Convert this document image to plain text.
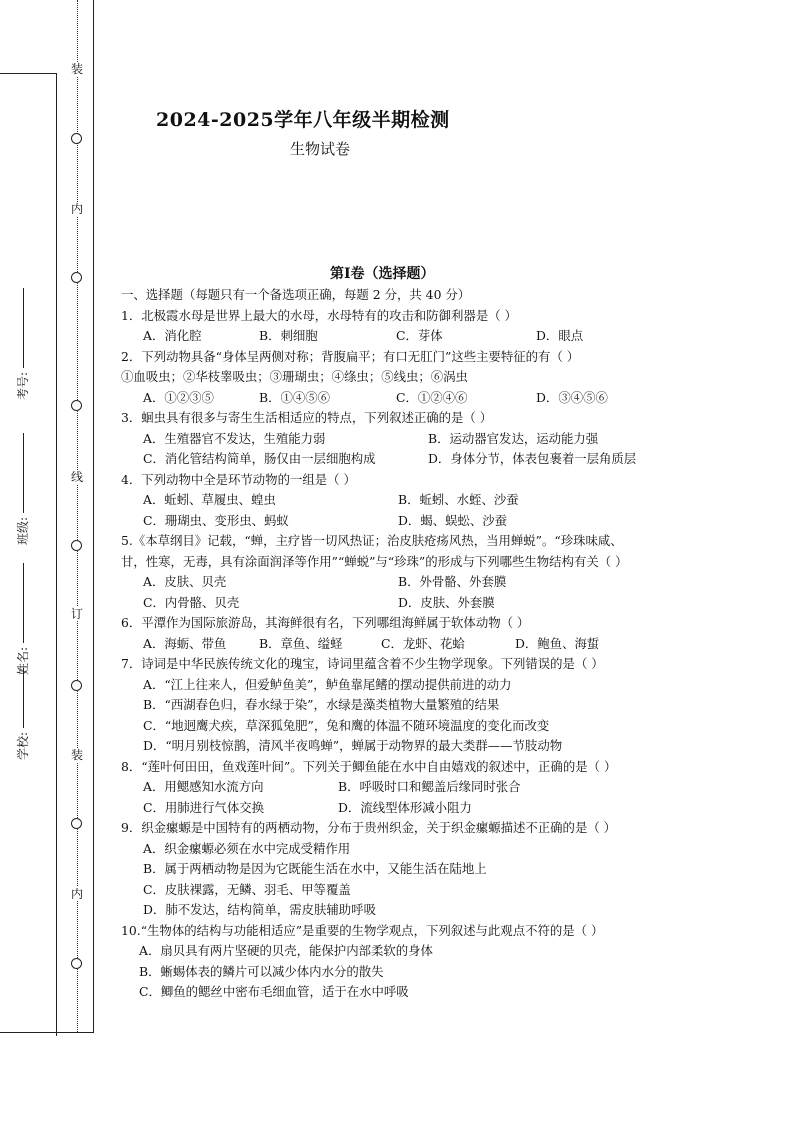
装
内
线
订
装
内
考号:
班级:
姓名:
学校:
2024-2025学年八年级半期检测
生物试卷
第Ⅰ卷（选择题）
一、选择题（每题只有一个备选项正确，每题 2 分，共 40 分）
1．北极霞水母是世界上最大的水母，水母特有的攻击和防御利器是（ ）
A．消化腔	B．刺细胞	C．芽体	D．眼点
2．下列动物具备“身体呈两侧对称；背腹扁平；有口无肛门”这些主要特征的有（ ）
①血吸虫；②华枝睾吸虫；③珊瑚虫；④绦虫；⑤线虫；⑥涡虫
A．①②③⑤	B．①④⑤⑥	C．①②④⑥	D．③④⑤⑥
3．蛔虫具有很多与寄生生活相适应的特点，下列叙述正确的是（ ）
A．生殖器官不发达，生殖能力弱	B．运动器官发达，运动能力强
C．消化管结构简单，肠仅由一层细胞构成	D．身体分节，体表包裹着一层角质层
4．下列动物中全是环节动物的一组是（ ）
A．蚯蚓、草履虫、蝗虫	B．蚯蚓、水蛭、沙蚕
C．珊瑚虫、变形虫、蚂蚁	D．蝎、蜈蚣、沙蚕
5.《本草纲目》记载，“蝉，主疗皆一切风热证；治皮肤疮疡风热，当用蝉蜕”。“珍珠味咸、
甘，性寒，无毒，具有涂面润泽等作用”“蝉蜕”与“珍珠”的形成与下列哪些生物结构有关（ ）
A．皮肤、贝壳	B．外骨骼、外套膜
C．内骨骼、贝壳	D．皮肤、外套膜
6．平潭作为国际旅游岛，其海鲜很有名，下列哪组海鲜属于软体动物（ ）
A．海蛎、带鱼	B．章鱼、缢蛏	C．龙虾、花蛤	D．鲍鱼、海蜇
7．诗词是中华民族传统文化的瑰宝，诗词里蕴含着不少生物学现象。下列错误的是（ ）
A．“江上往来人，但爱鲈鱼美”，鲈鱼靠尾鳍的摆动提供前进的动力
B．“西湖春色归，春水绿于染”，水绿是藻类植物大量繁殖的结果
C．“地迥鹰犬疾，草深狐兔肥”，兔和鹰的体温不随环境温度的变化而改变
D．“明月别枝惊鹊，清风半夜鸣蝉”，蝉属于动物界的最大类群——节肢动物
8．“莲叶何田田，鱼戏莲叶间”。下列关于鲫鱼能在水中自由嬉戏的叙述中，正确的是（ ）
A．用鳃感知水流方向	B．呼吸时口和鳃盖后缘同时张合
C．用肺进行气体交换	D．流线型体形减小阻力
9．织金瘰螈是中国特有的两栖动物，分布于贵州织金，关于织金瘰螈描述不正确的是（ ）
A．织金瘰螈必须在水中完成受精作用
B．属于两栖动物是因为它既能生活在水中，又能生活在陆地上
C．皮肤裸露，无鳞、羽毛、甲等覆盖
D．肺不发达，结构简单，需皮肤辅助呼吸
10.“生物体的结构与功能相适应”是重要的生物学观点，下列叙述与此观点不符的是（ ）
A．扇贝具有两片坚硬的贝壳，能保护内部柔软的身体
B．蜥蜴体表的鳞片可以减少体内水分的散失
C．鲫鱼的鳃丝中密布毛细血管，适于在水中呼吸
